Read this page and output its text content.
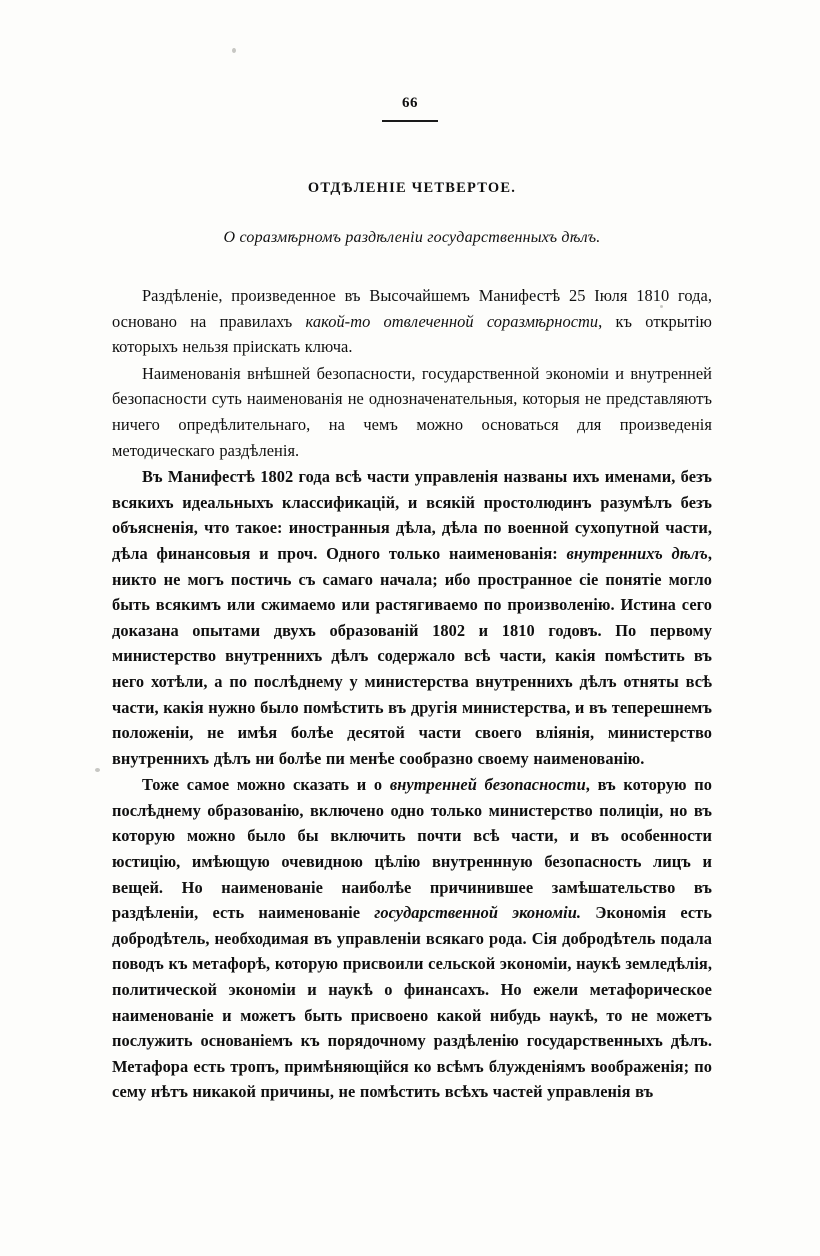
66
ОТДѢЛЕНІЕ ЧЕТВЕРТОЕ.
О соразмѣрномъ раздѣленіи государственныхъ дѣлъ.

Раздѣленіе, произведенное въ Высочайшемъ Манифестѣ 25 Іюля 1810 года, основано на правилахъ какой-то отвлеченной соразмѣрности, къ открытію которыхъ нельзя пріискать ключа.

Наименованія внѣшней безопасности, государственной экономіи и внутренней безопасности суть наименованія не однозначенательныя, которыя не представляютъ ничего опредѣлительнаго, на чемъ можно основаться для произведенія методическаго раздѣленія.

Въ Манифестѣ 1802 года всѣ части управленія названы ихъ именами, безъ всякихъ идеальныхъ классификацій, и всякій простолюдинъ разумѣлъ безъ объясненія, что такое: иностранныя дѣла, дѣла по военной сухопутной части, дѣла финансовыя и проч. Одного только наименованія: внутреннихъ дѣлъ, никто не могъ постичь съ самаго начала; ибо пространное сіе понятіе могло быть всякимъ или сжимаемо или растягиваемо по произволенію. Истина сего доказана опытами двухъ образованій 1802 и 1810 годовъ. По первому министерство внутреннихъ дѣлъ содержало всѣ части, какія помѣстить въ него хотѣли, а по послѣднему у министерства внутреннихъ дѣлъ отняты всѣ части, какія нужно было помѣстить въ другія министерства, и въ теперешнемъ положеніи, не имѣя болѣе десятой части своего вліянія, министерство внутреннихъ дѣлъ ни болѣе пи менѣе сообразно своему наименованію.

Тоже самое можно сказать и о внутренней безопасности, въ которую по послѣднему образованію, включено одно только министерство полиціи, но въ которую можно было бы включить почти всѣ части, и въ особенности юстицію, имѣющую очевидною цѣлію внутреннную безопасность лицъ и вещей. Но наименованіе наиболѣе причинившее замѣшательство въ раздѣленіи, есть наименованіе государственной экономіи. Экономія есть добродѣтель, необходимая въ управленіи всякаго рода. Сія добродѣтель подала поводъ къ метафорѣ, которую присвоили сельской экономіи, наукѣ земледѣлія, политической экономіи и наукѣ о финансахъ. Но ежели метафорическое наименованіе и можетъ быть присвоено какой нибудь наукѣ, то не можетъ послужить основаніемъ къ порядочному раздѣленію государственныхъ дѣлъ. Метафора есть тропъ, примѣняющійся ко всѣмъ блужденіямъ воображенія; по сему нѣтъ никакой причины, не помѣстить всѣхъ частей управленія въ
